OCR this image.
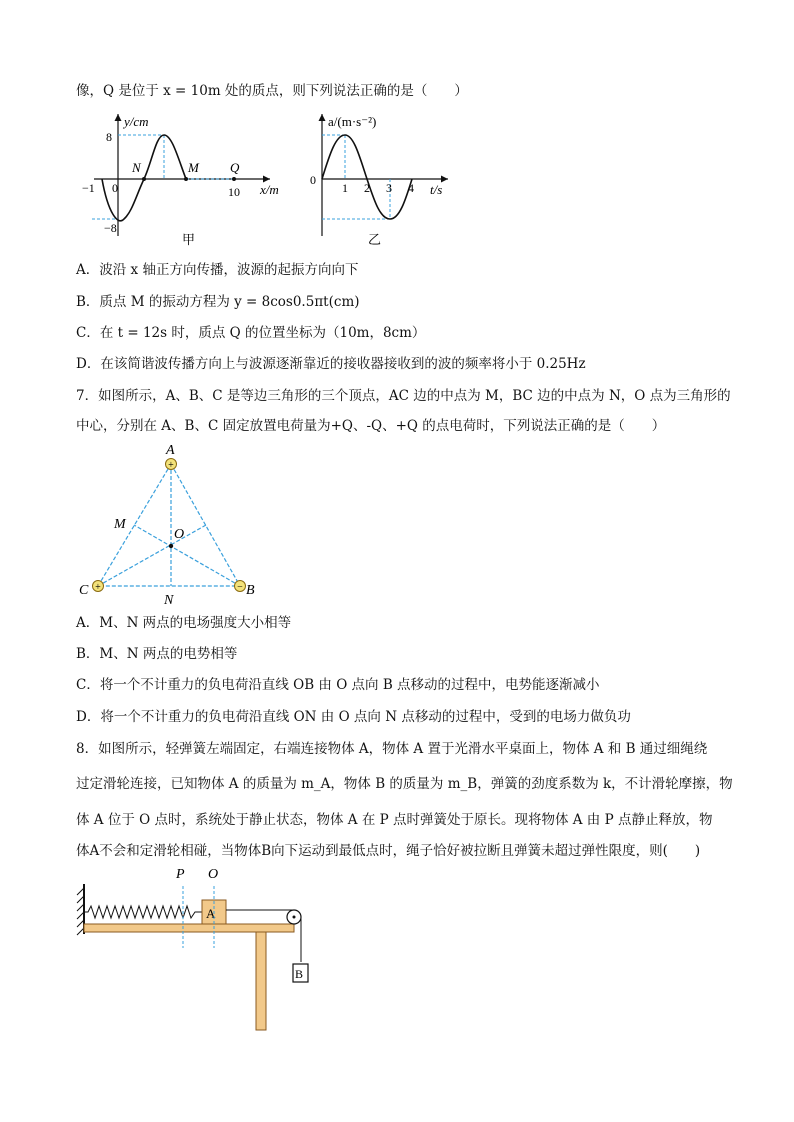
像，Q 是位于 x = 10m 处的质点，则下列说法正确的是（　　）
y/cm
8
−8
−1 0	10
N	M Q
x/m
甲
a/(m·s⁻²)
0
1 2 3 4 t/s
乙
A．波沿 x 轴正方向传播，波源的起振方向向下
B．质点 M 的振动方程为 y = 8cos0.5πt(cm)
C．在 t = 12s 时，质点 Q 的位置坐标为（10m，8cm）
D．在该简谐波传播方向上与波源逐渐靠近的接收器接收到的波的频率将小于 0.25Hz
7．如图所示，A、B、C 是等边三角形的三个顶点，AC 边的中点为 M，BC 边的中点为 N，O 点为三角形的
中心，分别在 A、B、C 固定放置电荷量为+Q、-Q、+Q 的点电荷时，下列说法正确的是（　　）
+
+	−
A
B
C
M
N
O
A．M、N 两点的电场强度大小相等
B．M、N 两点的电势相等
C．将一个不计重力的负电荷沿直线 OB 由 O 点向 B 点移动的过程中，电势能逐渐减小
D．将一个不计重力的负电荷沿直线 ON 由 O 点向 N 点移动的过程中，受到的电场力做负功
8．如图所示，轻弹簧左端固定，右端连接物体 A，物体 A 置于光滑水平桌面上，物体 A 和 B 通过细绳绕
过定滑轮连接，已知物体 A 的质量为 m_A，物体 B 的质量为 m_B，弹簧的劲度系数为 k，不计滑轮摩擦，物
体 A 位于 O 点时，系统处于静止状态，物体 A 在 P 点时弹簧处于原长。现将物体 A 由 P 点静止释放，物
体A不会和定滑轮相碰，当物体B向下运动到最低点时，绳子恰好被拉断且弹簧未超过弹性限度，则(　　)
A
B
P O
